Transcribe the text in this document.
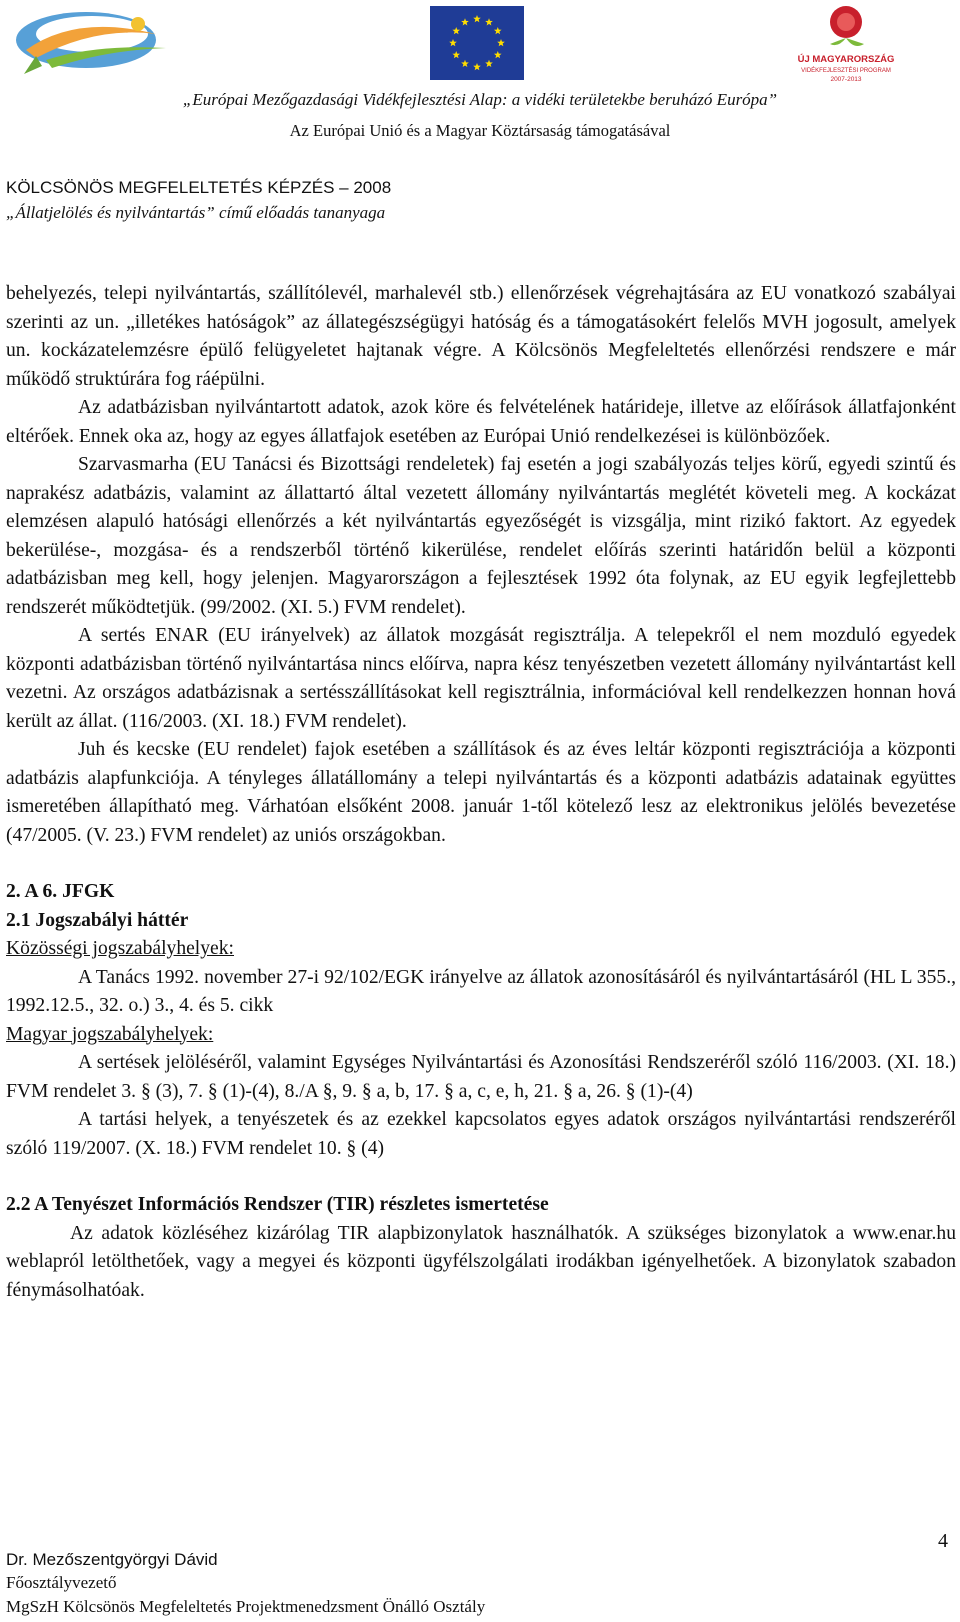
ÚJ MAGYARORSZÁG
VIDÉKFEJLESZTÉSI PROGRAM
2007-2013
„Európai Mezőgazdasági Vidékfejlesztési Alap: a vidéki területekbe beruházó Európa”
Az Európai Unió és a Magyar Köztársaság támogatásával
KÖLCSÖNÖS MEGFELELTETÉS KÉPZÉS – 2008
„Állatjelölés és nyilvántartás” című előadás tananyaga

behelyezés, telepi nyilvántartás, szállítólevél, marhalevél stb.) ellenőrzések végrehajtására az EU vonatkozó szabályai szerinti az un. „illetékes hatóságok” az állategészségügyi hatóság és a támogatásokért felelős MVH jogosult, amelyek un. kockázatelemzésre épülő felügyeletet hajtanak végre. A Kölcsönös Megfeleltetés ellenőrzési rendszere e már működő struktúrára fog ráépülni.

Az adatbázisban nyilvántartott adatok, azok köre és felvételének határideje, illetve az előírások állatfajonként eltérőek. Ennek oka az, hogy az egyes állatfajok esetében az Európai Unió rendelkezései is különbözőek.

Szarvasmarha (EU Tanácsi és Bizottsági rendeletek) faj esetén a jogi szabályozás teljes körű, egyedi szintű és naprakész adatbázis, valamint az állattartó által vezetett állomány nyilvántartás meglétét követeli meg. A kockázat elemzésen alapuló hatósági ellenőrzés a két nyilvántartás egyezőségét is vizsgálja, mint rizikó faktort. Az egyedek bekerülése-, mozgása- és a rendszerből történő kikerülése, rendelet előírás szerinti határidőn belül a központi adatbázisban meg kell, hogy jelenjen. Magyarországon a fejlesztések 1992 óta folynak, az EU egyik legfejlettebb rendszerét működtetjük. (99/2002. (XI. 5.) FVM rendelet).

A sertés ENAR (EU irányelvek) az állatok mozgását regisztrálja. A telepekről el nem mozduló egyedek központi adatbázisban történő nyilvántartása nincs előírva, napra kész tenyészetben vezetett állomány nyilvántartást kell vezetni. Az országos adatbázisnak a sertésszállításokat kell regisztrálnia, információval kell rendelkezzen honnan hová került az állat. (116/2003. (XI. 18.) FVM rendelet).

Juh és kecske (EU rendelet) fajok esetében a szállítások és az éves leltár központi regisztrációja a központi adatbázis alapfunkciója. A tényleges állatállomány a telepi nyilvántartás és a központi adatbázis adatainak együttes ismeretében állapítható meg. Várhatóan elsőként 2008. január 1-től kötelező lesz az elektronikus jelölés bevezetése (47/2005. (V. 23.) FVM rendelet) az uniós országokban.

2. A 6. JFGK

2.1 Jogszabályi háttér

Közösségi jogszabályhelyek:

A Tanács 1992. november 27-i 92/102/EGK irányelve az állatok azonosításáról és nyilvántartásáról (HL L 355., 1992.12.5., 32. o.) 3., 4. és 5. cikk

Magyar jogszabályhelyek:

A sertések jelöléséről, valamint Egységes Nyilvántartási és Azonosítási Rendszeréről szóló 116/2003. (XI. 18.) FVM rendelet 3. § (3), 7. § (1)-(4), 8./A §, 9. § a, b, 17. § a, c, e, h, 21. § a, 26. § (1)-(4)

A tartási helyek, a tenyészetek és az ezekkel kapcsolatos egyes adatok országos nyilvántartási rendszeréről szóló 119/2007. (X. 18.) FVM rendelet 10. § (4)

2.2 A Tenyészet Információs Rendszer (TIR) részletes ismertetése

Az adatok közléséhez kizárólag TIR alapbizonylatok használhatók. A szükséges bizonylatok a www.enar.hu weblapról letölthetőek, vagy a megyei és központi ügyfélszolgálati irodákban igényelhetőek. A bizonylatok szabadon fénymásolhatóak.

4
Dr. Mezőszentgyörgyi Dávid
Főosztályvezető
MgSzH Kölcsönös Megfeleltetés Projektmenedzsment Önálló Osztály
